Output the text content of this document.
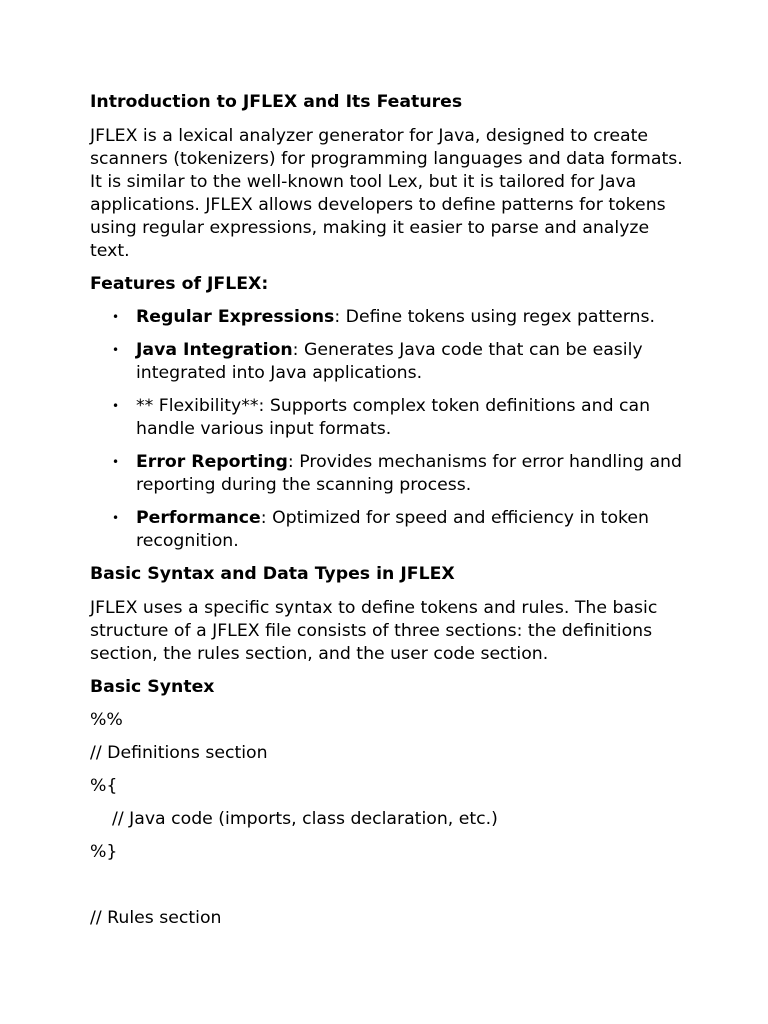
Introduction to JFLEX and Its Features

JFLEX is a lexical analyzer generator for Java, designed to create scanners (tokenizers) for programming languages and data formats. It is similar to the well-known tool Lex, but it is tailored for Java applications. JFLEX allows developers to define patterns for tokens using regular expressions, making it easier to parse and analyze text.

Features of JFLEX:

• Regular Expressions: Define tokens using regex patterns.
• Java Integration: Generates Java code that can be easily integrated into Java applications.
• ** Flexibility**: Supports complex token definitions and can handle various input formats.
• Error Reporting: Provides mechanisms for error handling and reporting during the scanning process.
• Performance: Optimized for speed and efficiency in token recognition.

Basic Syntax and Data Types in JFLEX

JFLEX uses a specific syntax to define tokens and rules. The basic structure of a JFLEX file consists of three sections: the definitions section, the rules section, and the user code section.

Basic Syntex

%%
// Definitions section
%{
// Java code (imports, class declaration, etc.)
%}
// Rules section
